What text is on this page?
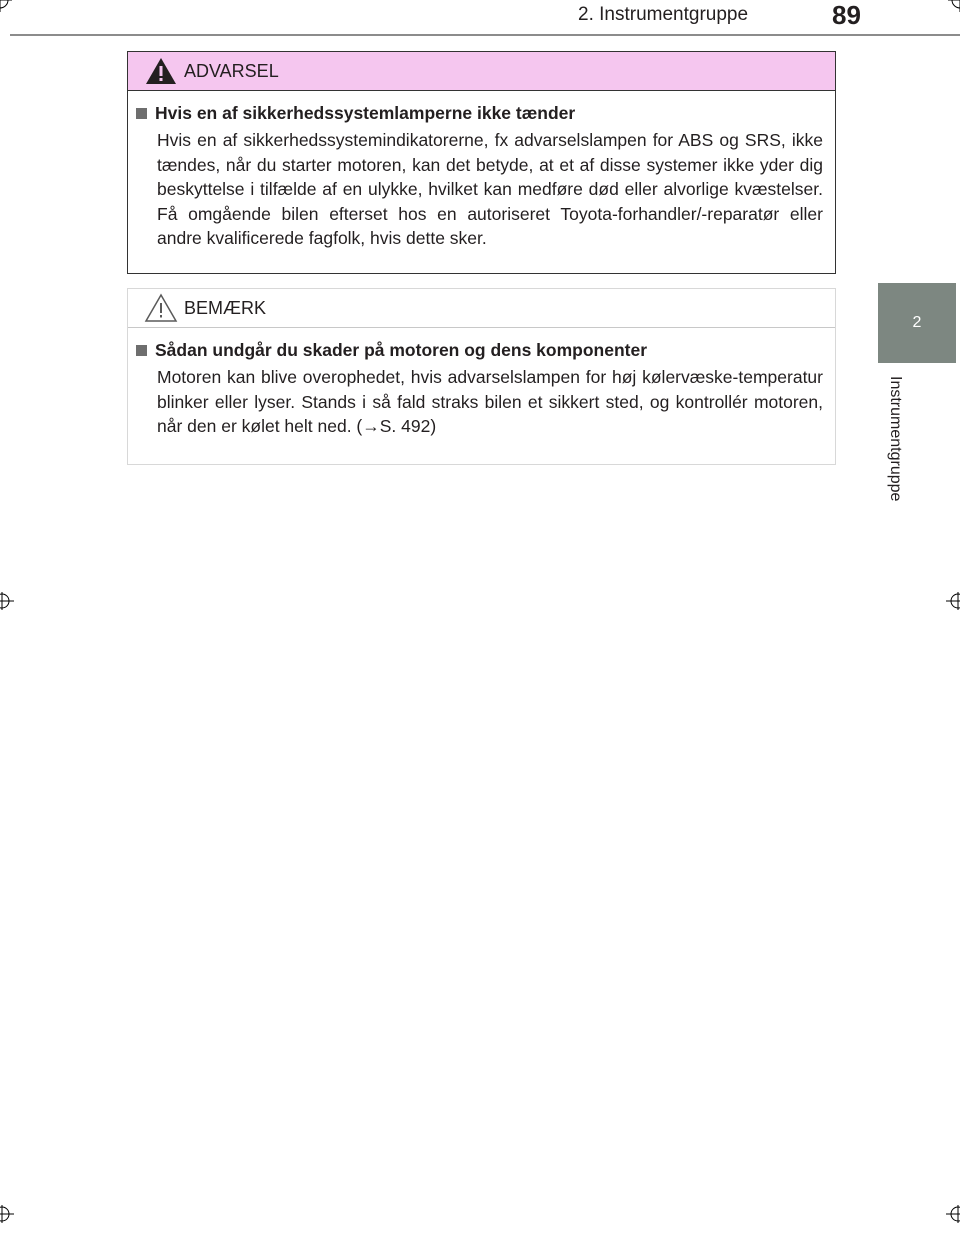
2. Instrumentgruppe	89
2
Instrumentgruppe
ADVARSEL
Hvis en af sikkerhedssystemlamperne ikke tænder
Hvis en af sikkerhedssystemindikatorerne, fx advarselslampen for ABS og SRS, ikke tændes, når du starter motoren, kan det betyde, at et af disse systemer ikke yder dig beskyttelse i tilfælde af en ulykke, hvilket kan medføre død eller alvorlige kvæstelser. Få omgående bilen efterset hos en autoriseret Toyota-forhandler/-reparatør eller andre kvalificerede fagfolk, hvis dette sker.
BEMÆRK
Sådan undgår du skader på motoren og dens komponenter
Motoren kan blive overophedet, hvis advarselslampen for høj kølervæske-temperatur blinker eller lyser. Stands i så fald straks bilen et sikkert sted, og kontrollér motoren, når den er kølet helt ned. (→S. 492)
